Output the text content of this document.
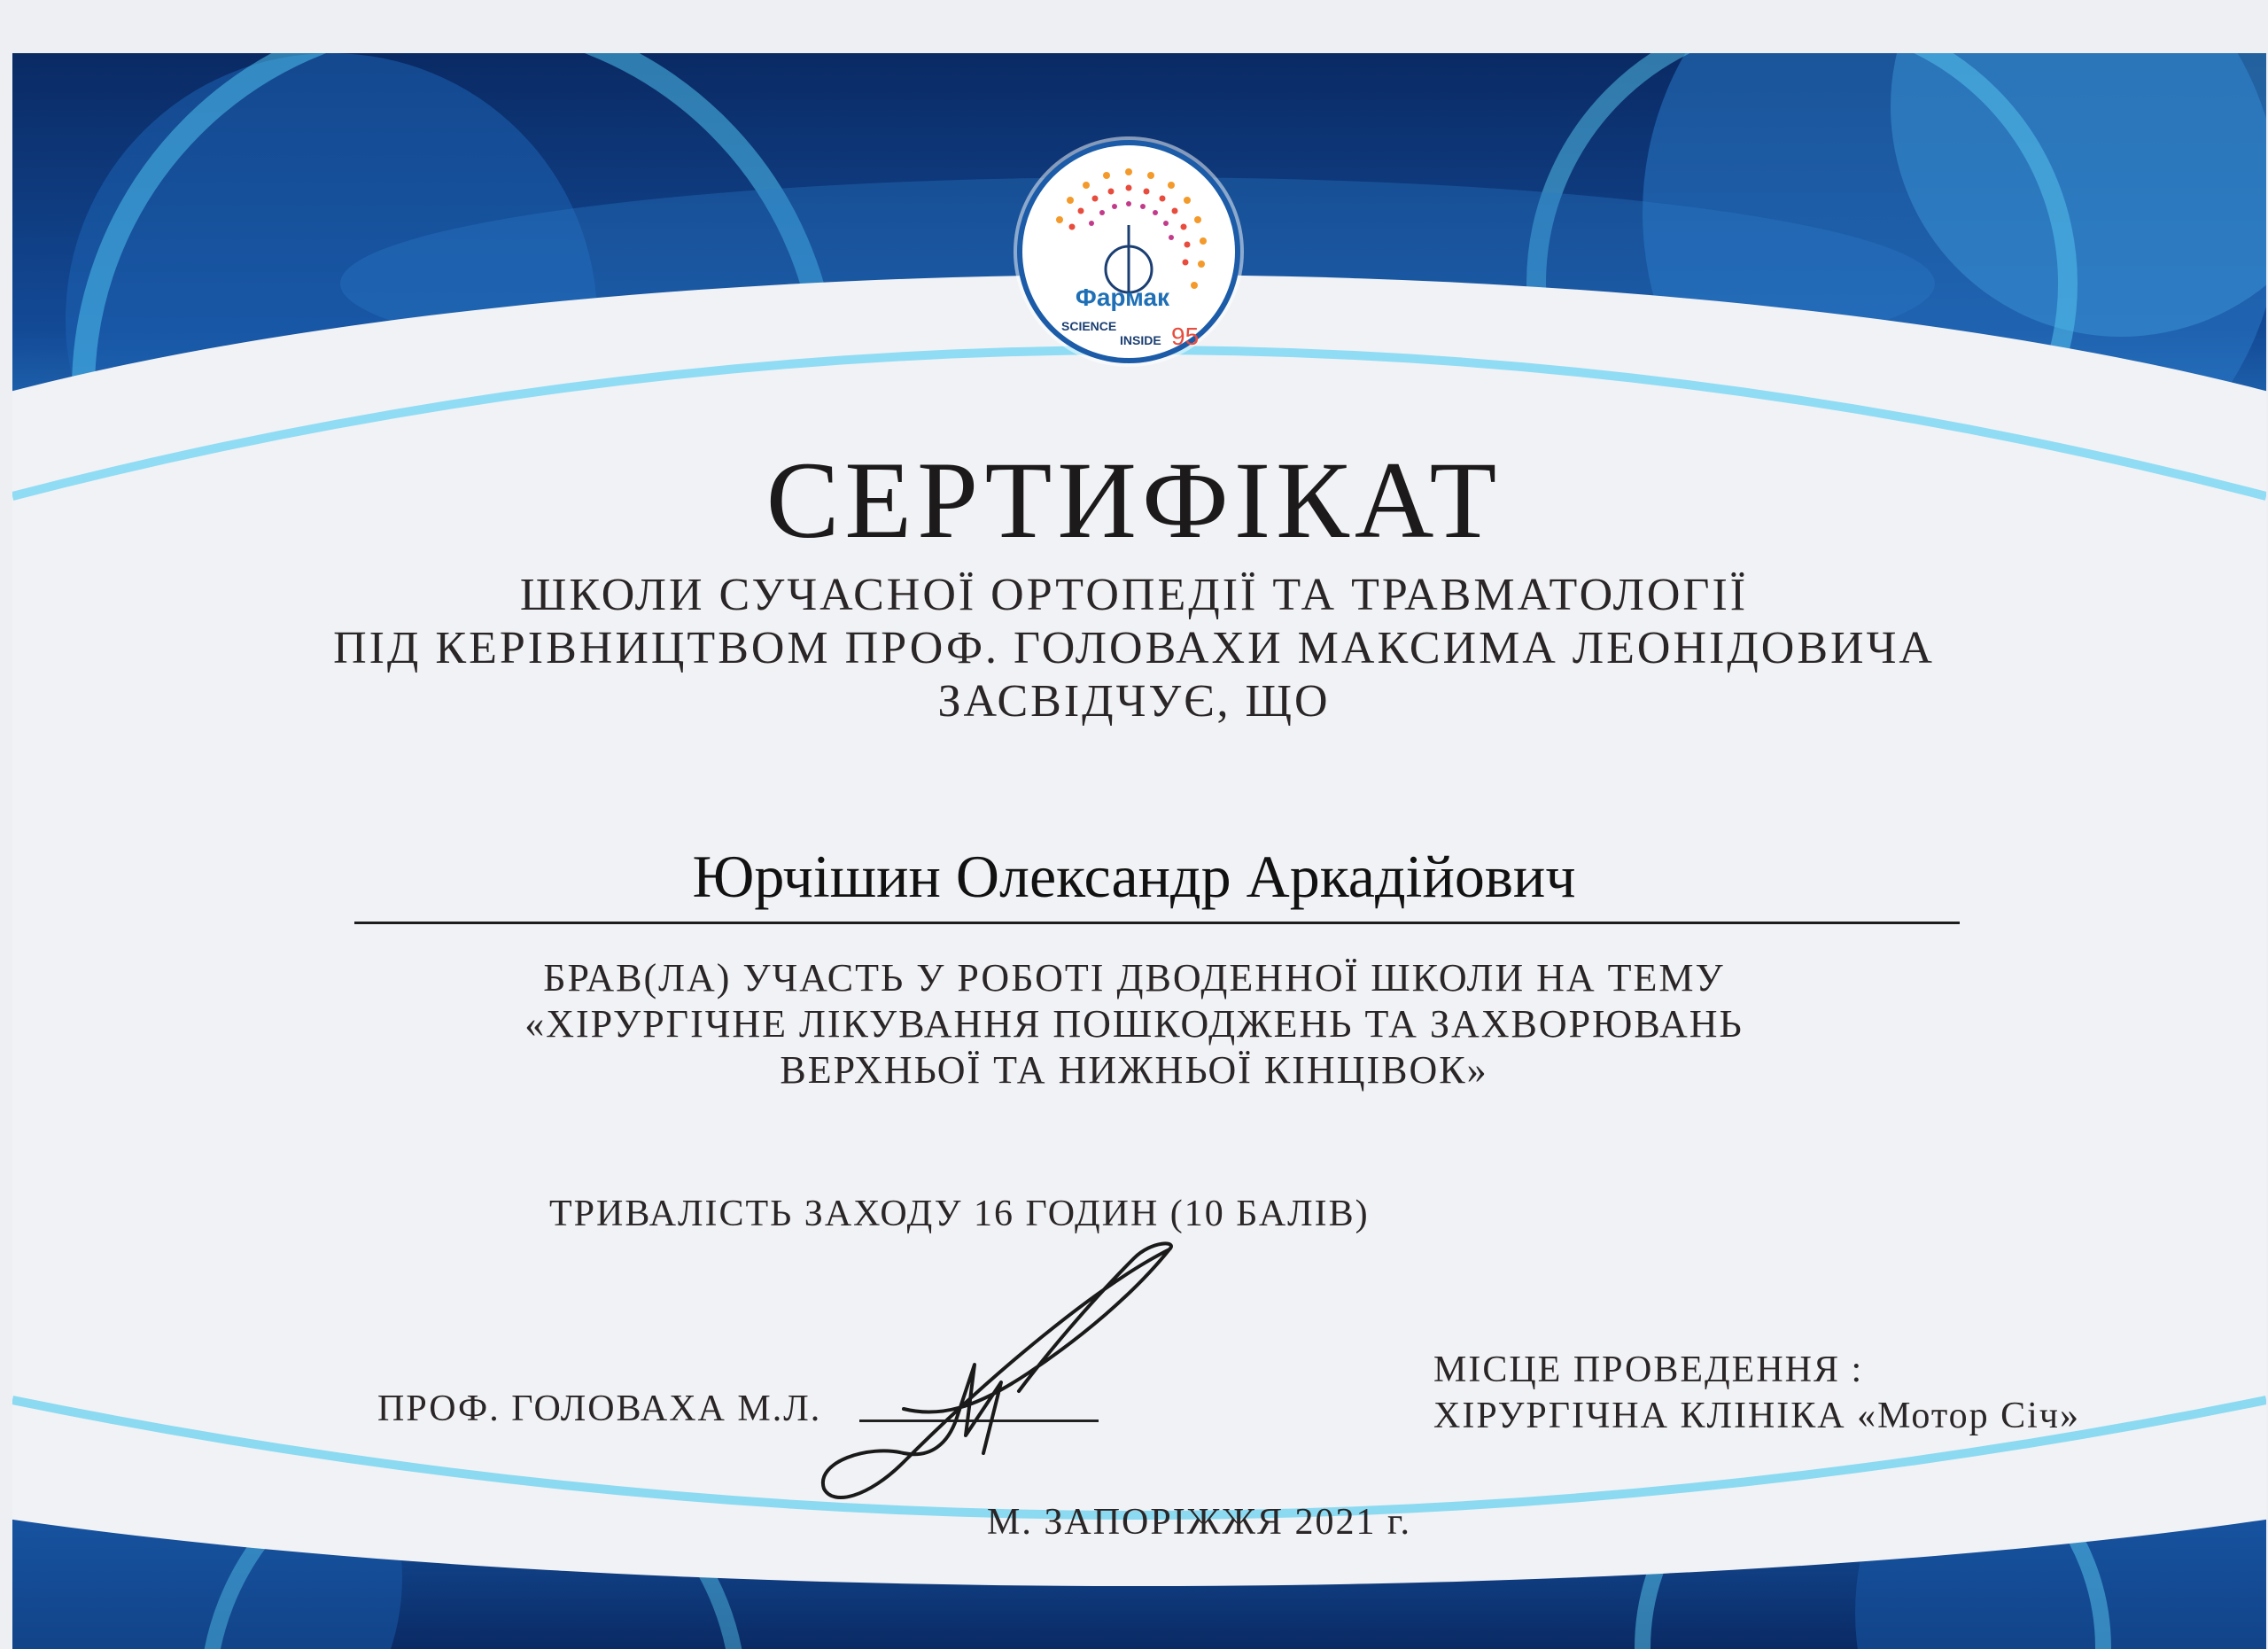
Фармак
SCIENCE
INSIDE 95
СЕРТИФІКАТ
ШКОЛИ СУЧАСНОЇ ОРТОПЕДІЇ ТА ТРАВМАТОЛОГІЇ
ПІД КЕРІВНИЦТВОМ ПРОФ. ГОЛОВАХИ МАКСИМА ЛЕОНІДОВИЧА
ЗАСВІДЧУЄ, ЩО
Юрчішин Олександр Аркадійович
БРАВ(ЛА) УЧАСТЬ У РОБОТІ ДВОДЕННОЇ ШКОЛИ НА ТЕМУ
«ХІРУРГІЧНЕ ЛІКУВАННЯ ПОШКОДЖЕНЬ ТА ЗАХВОРЮВАНЬ
ВЕРХНЬОЇ ТА НИЖНЬОЇ КІНЦІВОК»
ТРИВАЛІСТЬ ЗАХОДУ 16 ГОДИН (10 БАЛІВ)
ПРОФ. ГОЛОВАХА М.Л.
МІСЦЕ ПРОВЕДЕННЯ :
ХІРУРГІЧНА КЛІНІКА «Мотор Січ»
М. ЗАПОРІЖЖЯ 2021 г.
